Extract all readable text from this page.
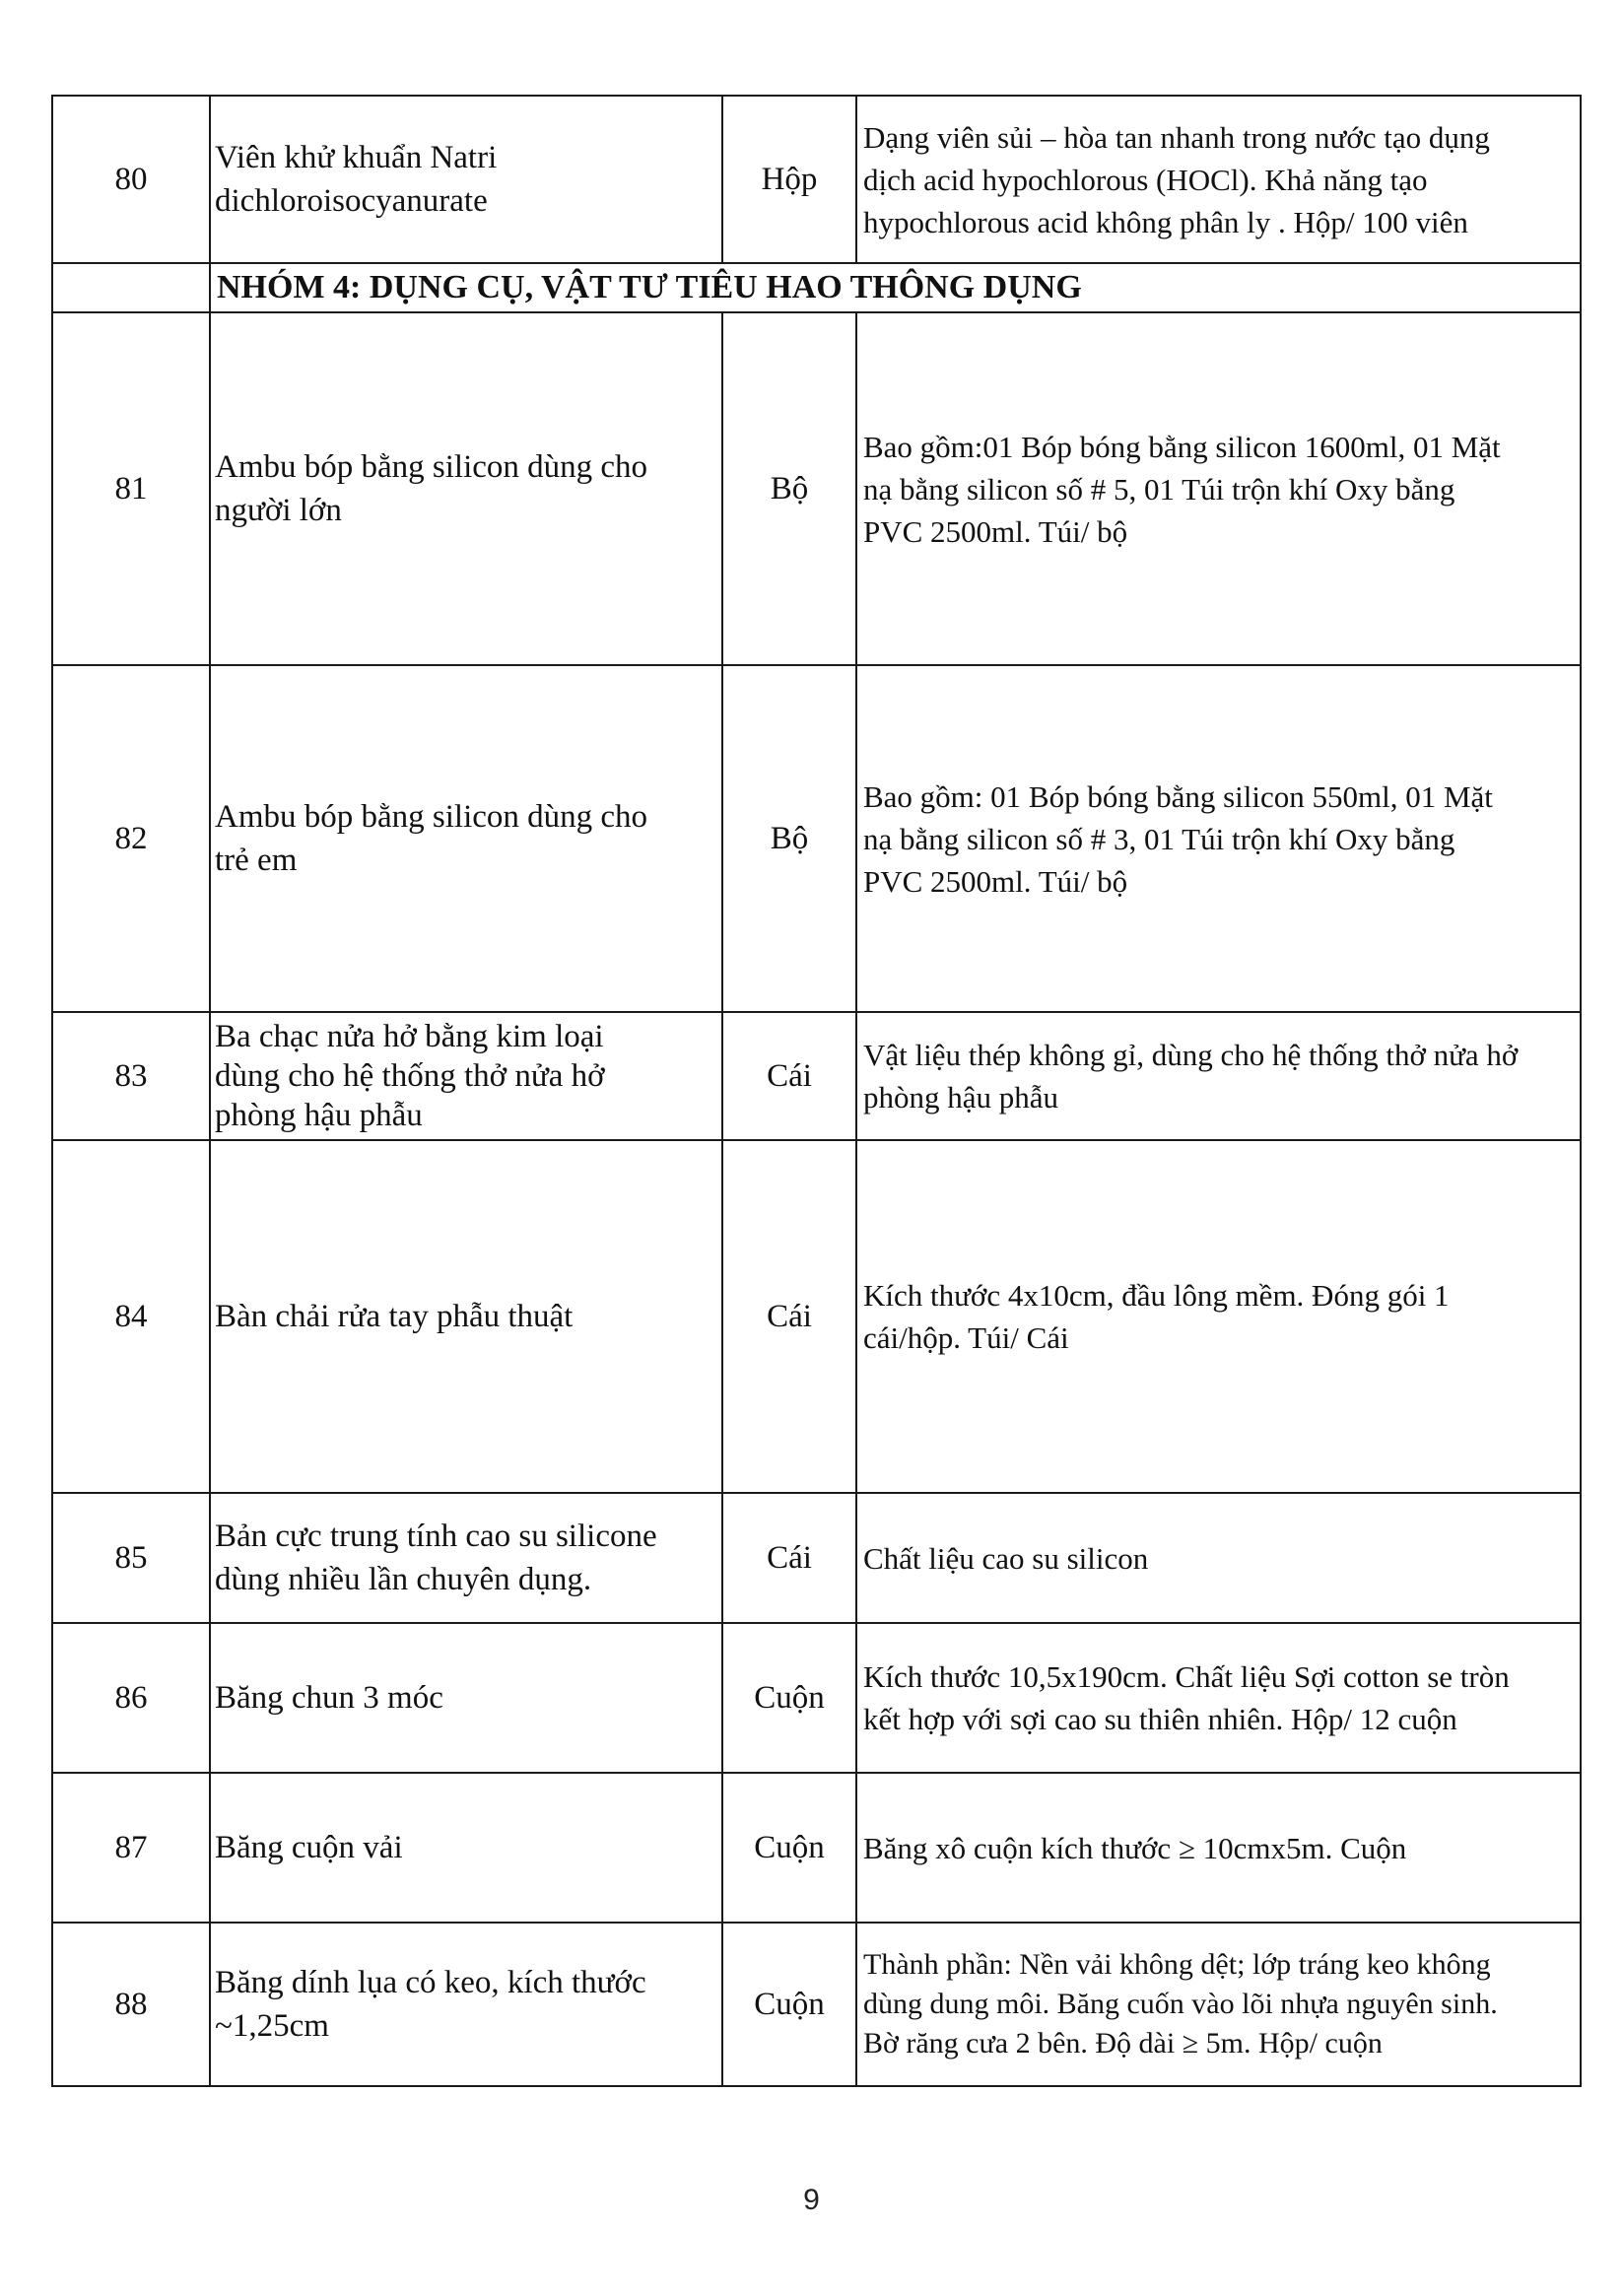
80	Viên khử khuẩn Natri
dichloroisocyanurate	Hộp	Dạng viên sủi – hòa tan nhanh trong nước tạo dụng
dịch acid hypochlorous (HOCl). Khả năng tạo
hypochlorous acid không phân ly . Hộp/ 100 viên

	NHÓM 4: DỤNG CỤ, VẬT TƯ TIÊU HAO THÔNG DỤNG		
81	Ambu bóp bằng silicon dùng cho
người lớn	Bộ	Bao gồm:01 Bóp bóng bằng silicon 1600ml, 01 Mặt
nạ bằng silicon số # 5, 01 Túi trộn khí Oxy bằng
PVC 2500ml. Túi/ bộ

82	Ambu bóp bằng silicon dùng cho
trẻ em	Bộ	Bao gồm: 01 Bóp bóng bằng silicon 550ml, 01 Mặt
nạ bằng silicon số # 3, 01 Túi trộn khí Oxy bằng
PVC 2500ml. Túi/ bộ

83	Ba chạc nửa hở bằng kim loại
dùng cho hệ thống thở nửa hở
phòng hậu phẫu	Cái	Vật liệu thép không gỉ, dùng cho hệ thống thở nửa hở
phòng hậu phẫu

84	Bàn chải rửa tay phẫu thuật	Cái	Kích thước 4x10cm, đầu lông mềm. Đóng gói 1
cái/hộp. Túi/ Cái

85	Bản cực trung tính cao su silicone
dùng nhiều lần chuyên dụng.	Cái	Chất liệu cao su silicon

86	Băng chun 3 móc	Cuộn	Kích thước 10,5x190cm. Chất liệu Sợi cotton se tròn
kết hợp với sợi cao su thiên nhiên. Hộp/ 12 cuộn

87	Băng cuộn vải	Cuộn	Băng xô cuộn kích thước ≥ 10cmx5m. Cuộn

88	Băng dính lụa có keo, kích thước
~1,25cm	Cuộn	Thành phần: Nền vải không dệt; lớp tráng keo không
dùng dung môi. Băng cuốn vào lõi nhựa nguyên sinh.
Bờ răng cưa 2 bên. Độ dài ≥ 5m. Hộp/ cuộn
9
